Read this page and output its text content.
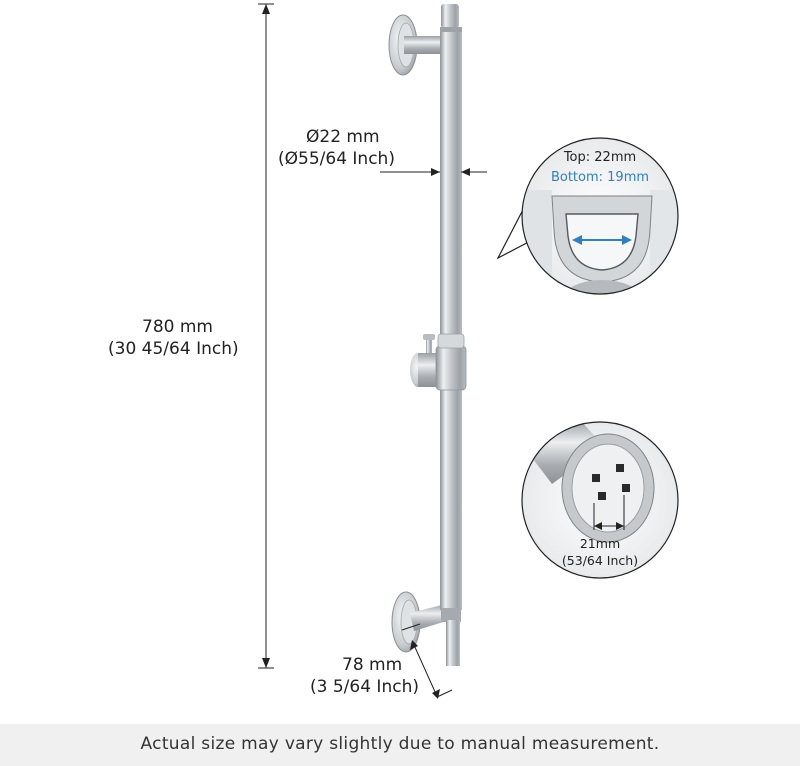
Ø22 mm
(Ø55/64 Inch)
780 mm
(30 45/64 Inch)
78 mm
(3 5/64 Inch)
Top: 22mm
Bottom: 19mm
21mm
(53/64 Inch)
Actual size may vary slightly due to manual measurement.
